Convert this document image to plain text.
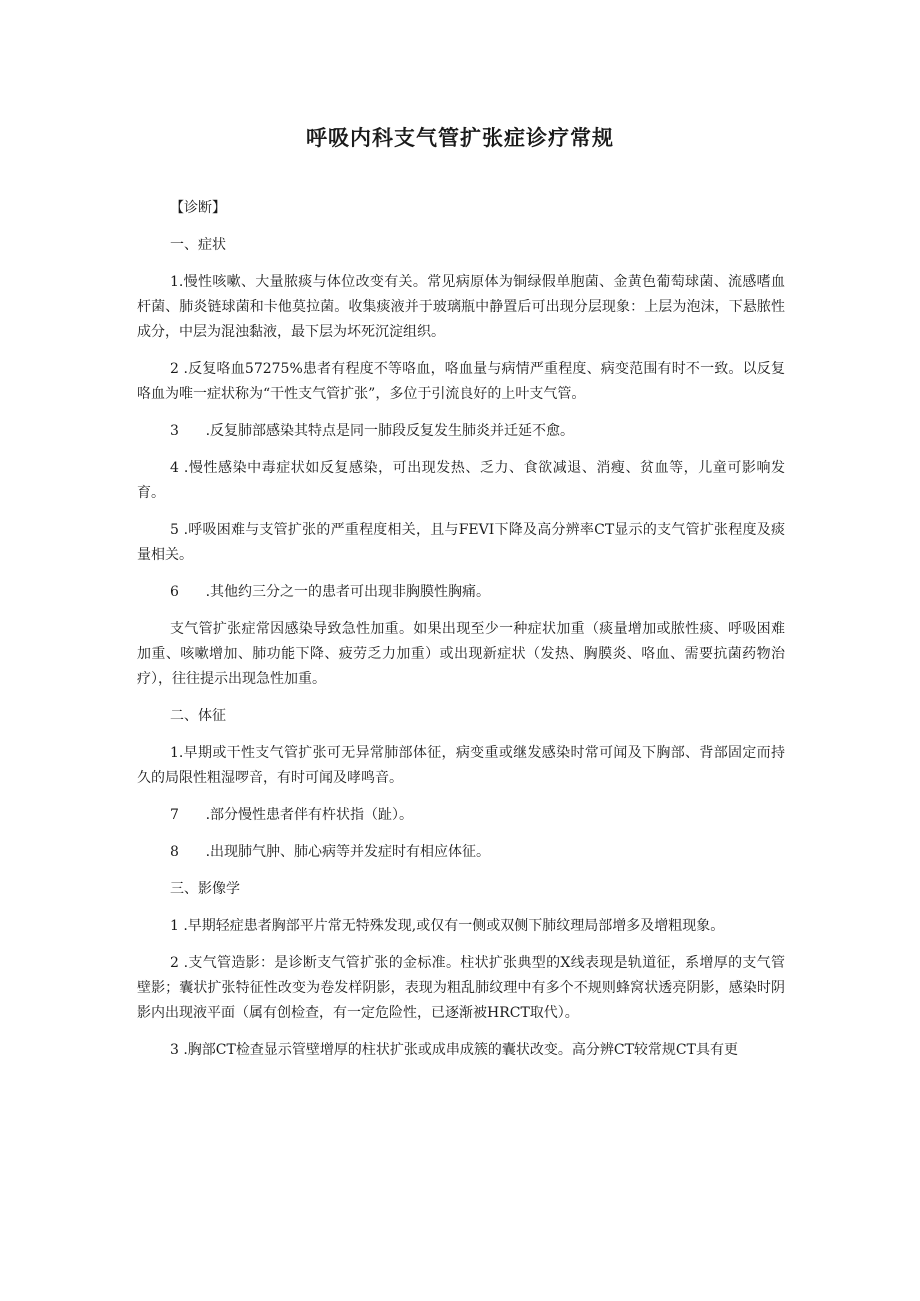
呼吸内科支气管扩张症诊疗常规

【诊断】

一、症状

1.慢性咳嗽、大量脓痰与体位改变有关。常见病原体为铜绿假单胞菌、金黄色葡萄球菌、流感嗜血杆菌、肺炎链球菌和卡他莫拉菌。收集痰液并于玻璃瓶中静置后可出现分层现象：上层为泡沫，下悬脓性成分，中层为混浊黏液，最下层为坏死沉淀组织。

2 .反复咯血57275%患者有程度不等咯血，咯血量与病情严重程度、病变范围有时不一致。以反复咯血为唯一症状称为“干性支气管扩张”，多位于引流良好的上叶支气管。

3      .反复肺部感染其特点是同一肺段反复发生肺炎并迁延不愈。

4 .慢性感染中毒症状如反复感染，可出现发热、乏力、食欲减退、消瘦、贫血等，儿童可影响发育。

5 .呼吸困难与支管扩张的严重程度相关，且与FEVI下降及高分辨率CT显示的支气管扩张程度及痰量相关。

6      .其他约三分之一的患者可出现非胸膜性胸痛。

支气管扩张症常因感染导致急性加重。如果出现至少一种症状加重（痰量增加或脓性痰、呼吸困难加重、咳嗽增加、肺功能下降、疲劳乏力加重）或出现新症状（发热、胸膜炎、咯血、需要抗菌药物治疗），往往提示出现急性加重。

二、体征

1.早期或干性支气管扩张可无异常肺部体征，病变重或继发感染时常可闻及下胸部、背部固定而持久的局限性粗湿啰音，有时可闻及哮鸣音。

7      .部分慢性患者伴有杵状指（趾）。

8      .出现肺气肿、肺心病等并发症时有相应体征。

三、影像学

1 .早期轻症患者胸部平片常无特殊发现,或仅有一侧或双侧下肺纹理局部增多及增粗现象。

2 .支气管造影：是诊断支气管扩张的金标准。柱状扩张典型的X线表现是轨道征，系增厚的支气管壁影；囊状扩张特征性改变为卷发样阴影，表现为粗乱肺纹理中有多个不规则蜂窝状透亮阴影，感染时阴影内出现液平面（属有创检查，有一定危险性，已逐渐被HRCT取代）。

3 .胸部CT检查显示管壁增厚的柱状扩张或成串成簇的囊状改变。高分辨CT较常规CT具有更
